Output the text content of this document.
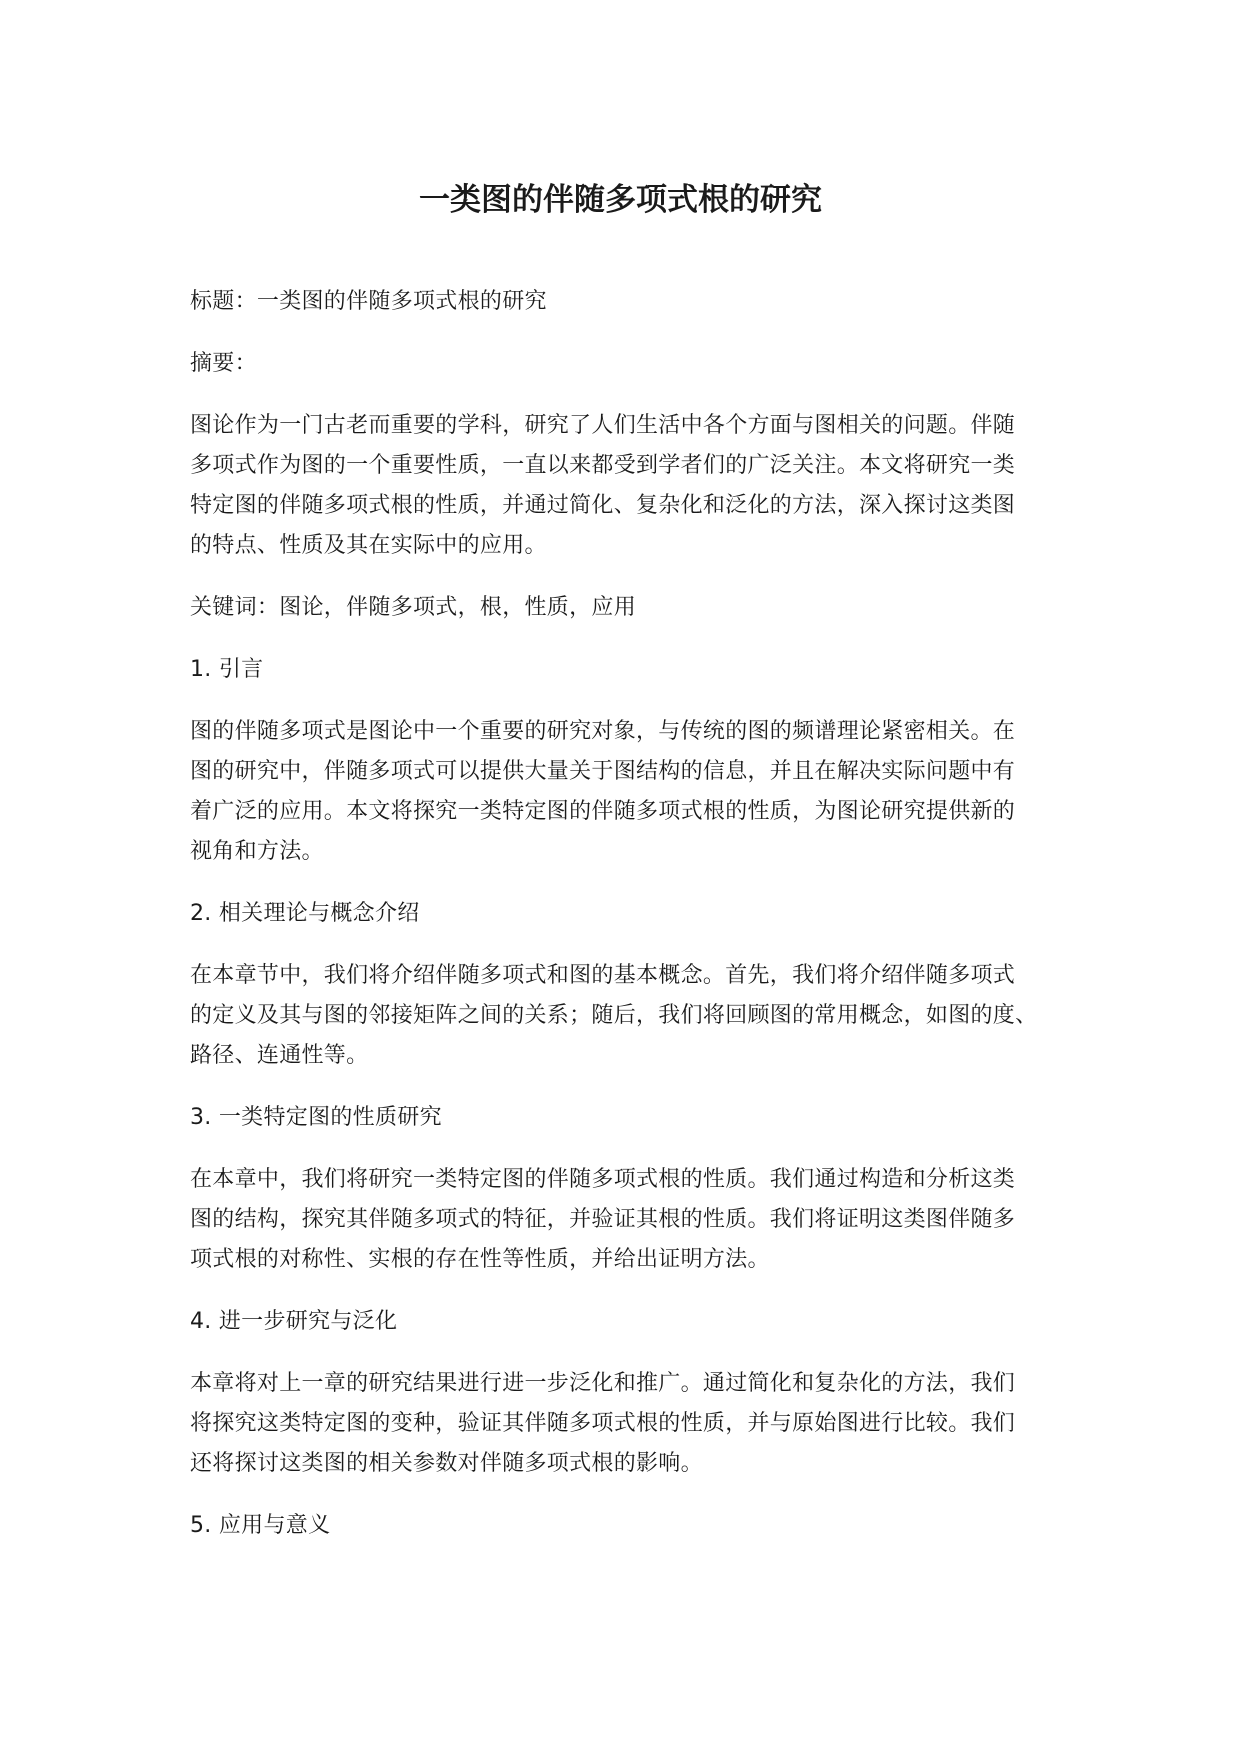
一类图的伴随多项式根的研究

标题：一类图的伴随多项式根的研究

摘要：

图论作为一门古老而重要的学科，研究了人们生活中各个方面与图相关的问题。伴随
多项式作为图的一个重要性质，一直以来都受到学者们的广泛关注。本文将研究一类
特定图的伴随多项式根的性质，并通过简化、复杂化和泛化的方法，深入探讨这类图
的特点、性质及其在实际中的应用。

关键词：图论，伴随多项式，根，性质，应用

1. 引言

图的伴随多项式是图论中一个重要的研究对象，与传统的图的频谱理论紧密相关。在
图的研究中，伴随多项式可以提供大量关于图结构的信息，并且在解决实际问题中有
着广泛的应用。本文将探究一类特定图的伴随多项式根的性质，为图论研究提供新的
视角和方法。

2. 相关理论与概念介绍

在本章节中，我们将介绍伴随多项式和图的基本概念。首先，我们将介绍伴随多项式
的定义及其与图的邻接矩阵之间的关系；随后，我们将回顾图的常用概念，如图的度、
路径、连通性等。

3. 一类特定图的性质研究

在本章中，我们将研究一类特定图的伴随多项式根的性质。我们通过构造和分析这类
图的结构，探究其伴随多项式的特征，并验证其根的性质。我们将证明这类图伴随多
项式根的对称性、实根的存在性等性质，并给出证明方法。

4. 进一步研究与泛化

本章将对上一章的研究结果进行进一步泛化和推广。通过简化和复杂化的方法，我们
将探究这类特定图的变种，验证其伴随多项式根的性质，并与原始图进行比较。我们
还将探讨这类图的相关参数对伴随多项式根的影响。

5. 应用与意义
